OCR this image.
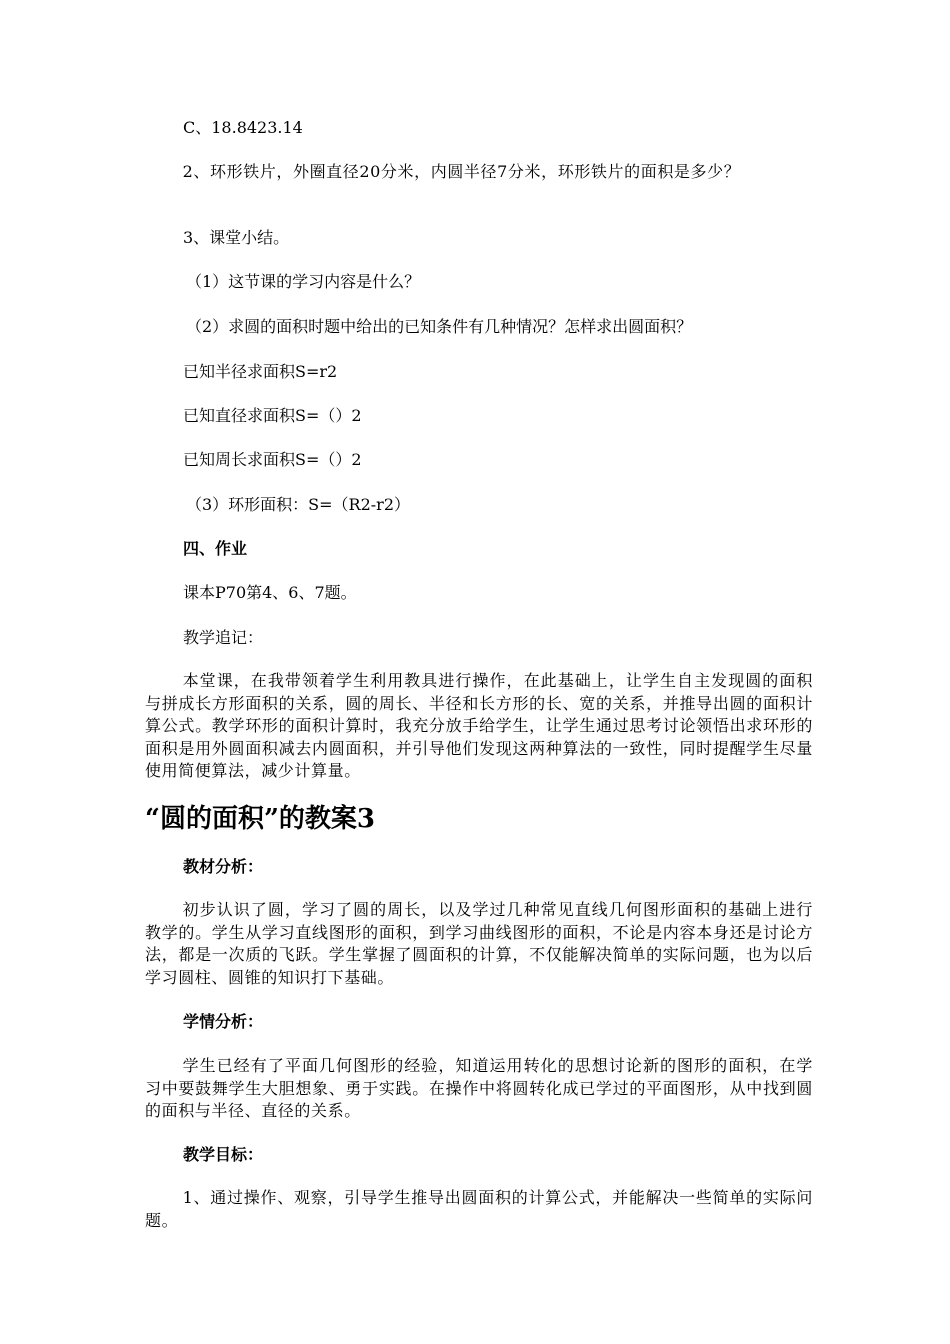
C、18.8423.14
2、环形铁片，外圈直径20分米，内圆半径7分米，环形铁片的面积是多少？
3、课堂小结。
（1）这节课的学习内容是什么？
（2）求圆的面积时题中给出的已知条件有几种情况？怎样求出圆面积？
已知半径求面积S=r2
已知直径求面积S=（）2
已知周长求面积S=（）2
（3）环形面积：S=（R2-r2）
四、作业
课本P70第4、6、7题。
教学追记：
本堂课，在我带领着学生利用教具进行操作，在此基础上，让学生自主发现圆的面积与拼成长方形面积的关系，圆的周长、半径和长方形的长、宽的关系，并推导出圆的面积计算公式。教学环形的面积计算时，我充分放手给学生，让学生通过思考讨论领悟出求环形的面积是用外圆面积减去内圆面积，并引导他们发现这两种算法的一致性，同时提醒学生尽量使用简便算法，减少计算量。
“圆的面积”的教案3
教材分析：
初步认识了圆，学习了圆的周长，以及学过几种常见直线几何图形面积的基础上进行教学的。学生从学习直线图形的面积，到学习曲线图形的面积，不论是内容本身还是讨论方法，都是一次质的飞跃。学生掌握了圆面积的计算，不仅能解决简单的实际问题，也为以后学习圆柱、圆锥的知识打下基础。
学情分析：
学生已经有了平面几何图形的经验，知道运用转化的思想讨论新的图形的面积，在学习中要鼓舞学生大胆想象、勇于实践。在操作中将圆转化成已学过的平面图形，从中找到圆的面积与半径、直径的关系。
教学目标：
1、通过操作、观察，引导学生推导出圆面积的计算公式，并能解决一些简单的实际问题。
